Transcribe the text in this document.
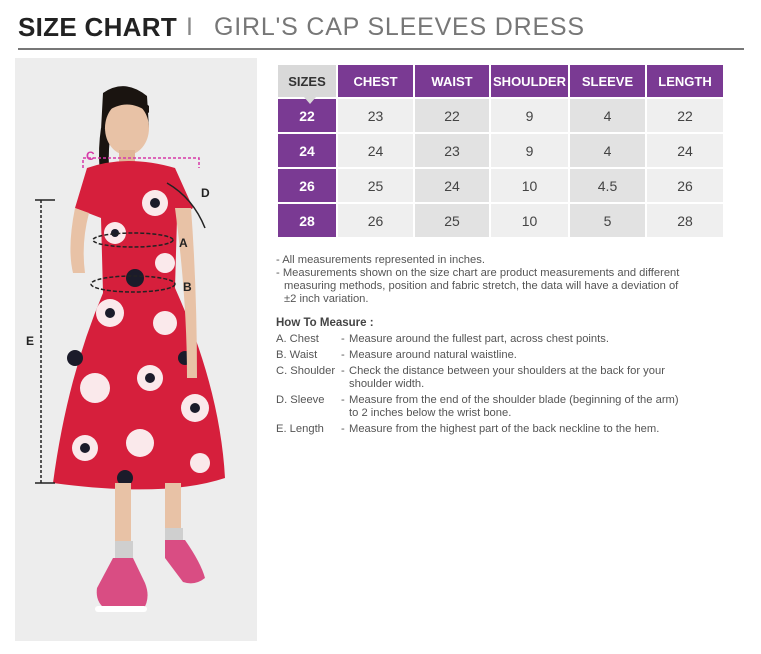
SIZE CHART I GIRL'S CAP SLEEVES DRESS
C
D
A
B
E
SIZES	CHEST	WAIST	SHOULDER	SLEEVE	LENGTH
22	23	22	9	4	22
24	24	23	9	4	24
26	25	24	10	4.5	26
28	26	25	10	5	28

- All measurements represented in inches.

- Measurements shown on the size chart are product measurements and different

measuring methods, position and fabric stretch, the data will have a deviation of

±2 inch variation.

How To Measure :
A. Chest	- Measure around the fullest part, across chest points.
B. Waist	- Measure around natural waistline.
C. Shoulder - Check the distance between your shoulders at the back for your
shoulder width.
D. Sleeve	- Measure from the end of the shoulder blade (beginning of the arm)
to 2 inches below the wrist bone.
E. Length	- Measure from the highest part of the back neckline to the hem.
